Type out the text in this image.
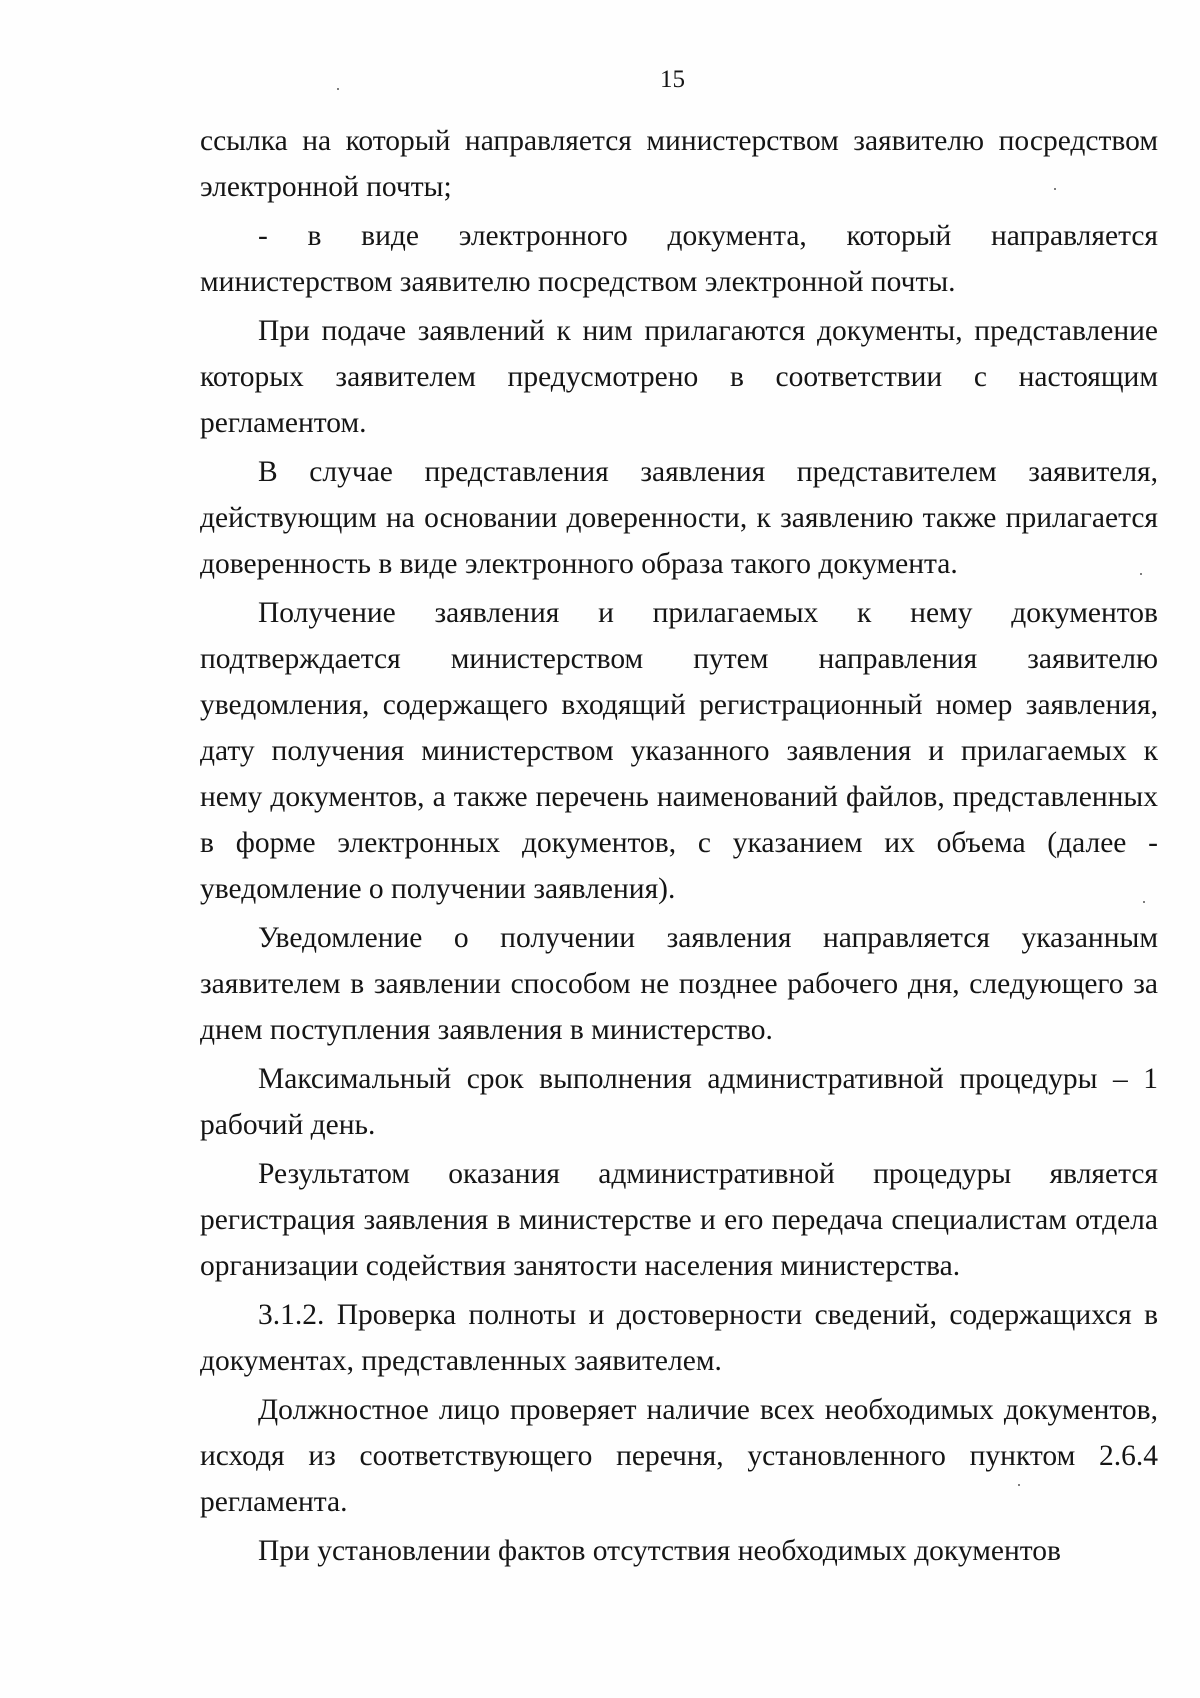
15

ссылка на который направляется министерством заявителю посредством электронной почты;

- в виде электронного документа, который направляется министерством заявителю посредством электронной почты.

При подаче заявлений к ним прилагаются документы, представление которых заявителем предусмотрено в соответствии с настоящим регламентом.

В случае представления заявления представителем заявителя, действующим на основании доверенности, к заявлению также прилагается доверенность в виде электронного образа такого документа.

Получение заявления и прилагаемых к нему документов подтверждается министерством путем направления заявителю уведомления, содержащего входящий регистрационный номер заявления, дату получения министерством указанного заявления и прилагаемых к нему документов, а также перечень наименований файлов, представленных в форме электронных документов, с указанием их объема (далее - уведомление о получении заявления).

Уведомление о получении заявления направляется указанным заявителем в заявлении способом не позднее рабочего дня, следующего за днем поступления заявления в министерство.

Максимальный срок выполнения административной процедуры – 1 рабочий день.

Результатом оказания административной процедуры является регистрация заявления в министерстве и его передача специалистам отдела организации содействия занятости населения министерства.

3.1.2. Проверка полноты и достоверности сведений, содержащихся в документах, представленных заявителем.

Должностное лицо проверяет наличие всех необходимых документов, исходя из соответствующего перечня, установленного пунктом 2.6.4 регламента.

При установлении фактов отсутствия необходимых документов
